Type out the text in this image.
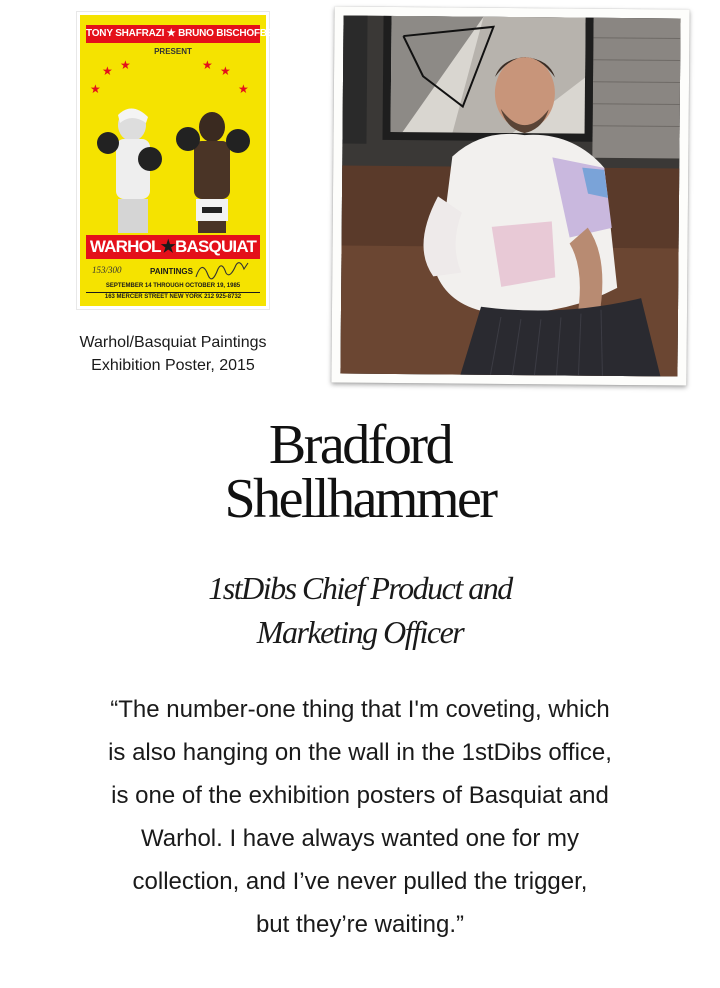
TONY SHAFRAZI ★ BRUNO BISCHOFBERGER
PRESENT
★ ★
★
★ ★
★
WARHOL★BASQUIAT
153/300	PAINTINGS
SEPTEMBER 14 THROUGH OCTOBER 19, 1985
163 MERCER STREET NEW YORK 212 925-8732
Warhol/Basquiat Paintings
Exhibition Poster, 2015
Bradford
Shellhammer
1stDibs Chief Product and
Marketing Officer
“The number-one thing that I'm coveting, which
is also hanging on the wall in the 1stDibs office,
is one of the exhibition posters of Basquiat and
Warhol. I have always wanted one for my
collection, and I’ve never pulled the trigger,
but they’re waiting.”
